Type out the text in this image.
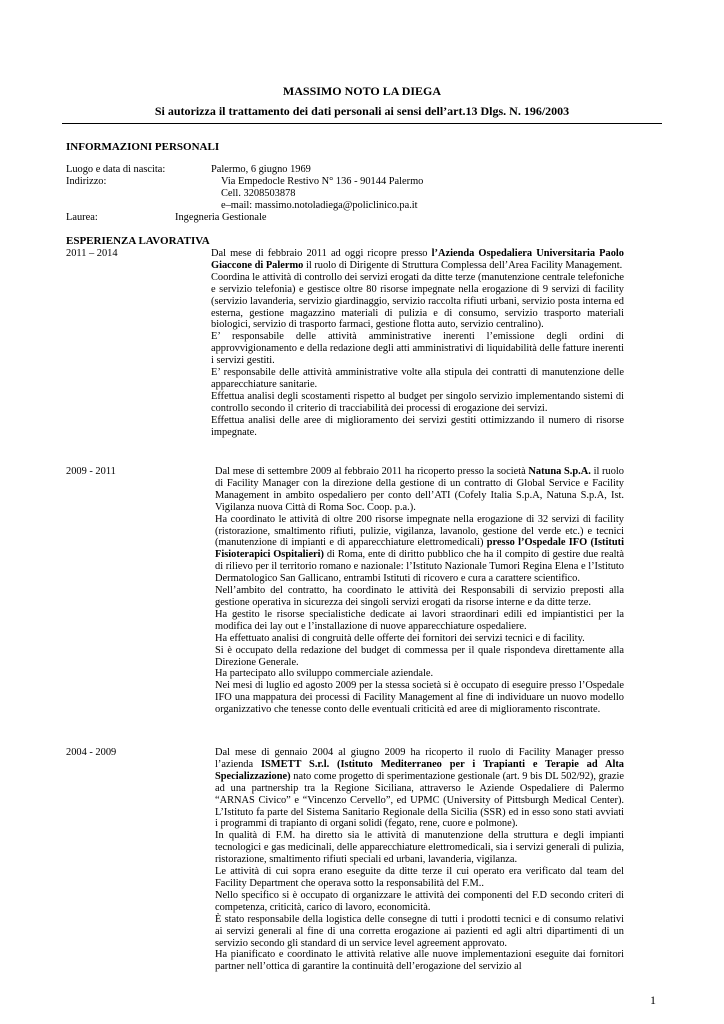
MASSIMO NOTO LA DIEGA
Si autorizza il trattamento dei dati personali ai sensi dell’art.13 Dlgs. N. 196/2003
INFORMAZIONI PERSONALI
Luogo e data di nascita:	Palermo, 6 giugno 1969
Indirizzo:	Via Empedocle Restivo N° 136 - 90144 Palermo
Cell. 3208503878
e–mail: massimo.notoladiega@policlinico.pa.it
Laurea:	Ingegneria Gestionale
ESPERIENZA LAVORATIVA
2011 – 2014	Dal mese di febbraio 2011 ad oggi ricopre presso l’Azienda Ospedaliera Universitaria Paolo Giaccone di Palermo il ruolo di Dirigente di Struttura Complessa dell’Area Facility Management.

Coordina le attività di controllo dei servizi erogati da ditte terze (manutenzione centrale telefoniche e servizio telefonia) e gestisce oltre 80 risorse impegnate nella erogazione di 9 servizi di facility (servizio lavanderia, servizio giardinaggio, servizio raccolta rifiuti urbani, servizio posta interna ed esterna, gestione magazzino materiali di pulizia e di consumo, servizio trasporto materiali biologici, servizio di trasporto farmaci, gestione flotta auto, servizio centralino).

E’ responsabile delle attività amministrative inerenti l’emissione degli ordini di approvvigionamento e della redazione degli atti amministrativi di liquidabilità delle fatture inerenti i servizi gestiti.

E’ responsabile delle attività amministrative volte alla stipula dei contratti di manutenzione delle apparecchiature sanitarie.

Effettua analisi degli scostamenti rispetto al budget per singolo servizio implementando sistemi di controllo secondo il criterio di tracciabilità dei processi di erogazione dei servizi.

Effettua analisi delle aree di miglioramento dei servizi gestiti ottimizzando il numero di risorse impegnate.

2009 - 2011	Dal mese di settembre 2009 al febbraio 2011 ha ricoperto presso la società Natuna S.p.A. il ruolo di Facility Manager con la direzione della gestione di un contratto di Global Service e Facility Management in ambito ospedaliero per conto dell’ATI (Cofely Italia S.p.A, Natuna S.p.A, Ist. Vigilanza nuova Città di Roma Soc. Coop. p.a.).

Ha coordinato le attività di oltre 200 risorse impegnate nella erogazione di 32 servizi di facility (ristorazione, smaltimento rifiuti, pulizie, vigilanza, lavanolo, gestione del verde etc.) e tecnici (manutenzione di impianti e di apparecchiature elettromedicali) presso l’Ospedale IFO (Istituti Fisioterapici Ospitalieri) di Roma, ente di diritto pubblico che ha il compito di gestire due realtà di rilievo per il territorio romano e nazionale: l’Istituto Nazionale Tumori Regina Elena e l’Istituto Dermatologico San Gallicano, entrambi Istituti di ricovero e cura a carattere scientifico.

Nell’ambito del contratto, ha coordinato le attività dei Responsabili di servizio preposti alla gestione operativa in sicurezza dei singoli servizi erogati da risorse interne e da ditte terze.

Ha gestito le risorse specialistiche dedicate ai lavori straordinari edili ed impiantistici per la modifica dei lay out e l’installazione di nuove apparecchiature ospedaliere.

Ha effettuato analisi di congruità delle offerte dei fornitori dei servizi tecnici e di facility.

Si è occupato della redazione del budget di commessa per il quale rispondeva direttamente alla Direzione Generale.

Ha partecipato allo sviluppo commerciale aziendale.

Nei mesi di luglio ed agosto 2009 per la stessa società si è occupato di eseguire presso l’Ospedale IFO una mappatura dei processi di Facility Management al fine di individuare un nuovo modello organizzativo che tenesse conto delle eventuali criticità ed aree di miglioramento riscontrate.

2004 - 2009	Dal mese di gennaio 2004 al giugno 2009 ha ricoperto il ruolo di Facility Manager presso l’azienda ISMETT S.r.l. (Istituto Mediterraneo per i Trapianti e Terapie ad Alta Specializzazione) nato come progetto di sperimentazione gestionale (art. 9 bis DL 502/92), grazie ad una partnership tra la Regione Siciliana, attraverso le Aziende Ospedaliere di Palermo “ARNAS Civico” e “Vincenzo Cervello”, ed UPMC (University of Pittsburgh Medical Center). L’Istituto fa parte del Sistema Sanitario Regionale della Sicilia (SSR) ed in esso sono stati avviati i programmi di trapianto di organi solidi (fegato, rene, cuore e polmone).

In qualità di F.M. ha diretto sia le attività di manutenzione della struttura e degli impianti tecnologici e gas medicinali, delle apparecchiature elettromedicali, sia i servizi generali di pulizia, ristorazione, smaltimento rifiuti speciali ed urbani, lavanderia, vigilanza.

Le attività di cui sopra erano eseguite da ditte terze il cui operato era verificato dal team del Facility Department che operava sotto la responsabilità del F.M..

Nello specifico si è occupato di organizzare le attività dei componenti del F.D secondo criteri di competenza, criticità, carico di lavoro, economicità.

È stato responsabile della logistica delle consegne di tutti i prodotti tecnici e di consumo relativi ai servizi generali al fine di una corretta erogazione ai pazienti ed agli altri dipartimenti di un servizio secondo gli standard di un service level agreement approvato.

Ha pianificato e coordinato le attività relative alle nuove implementazioni eseguite dai fornitori partner nell’ottica di garantire la continuità dell’erogazione del servizio al

1
